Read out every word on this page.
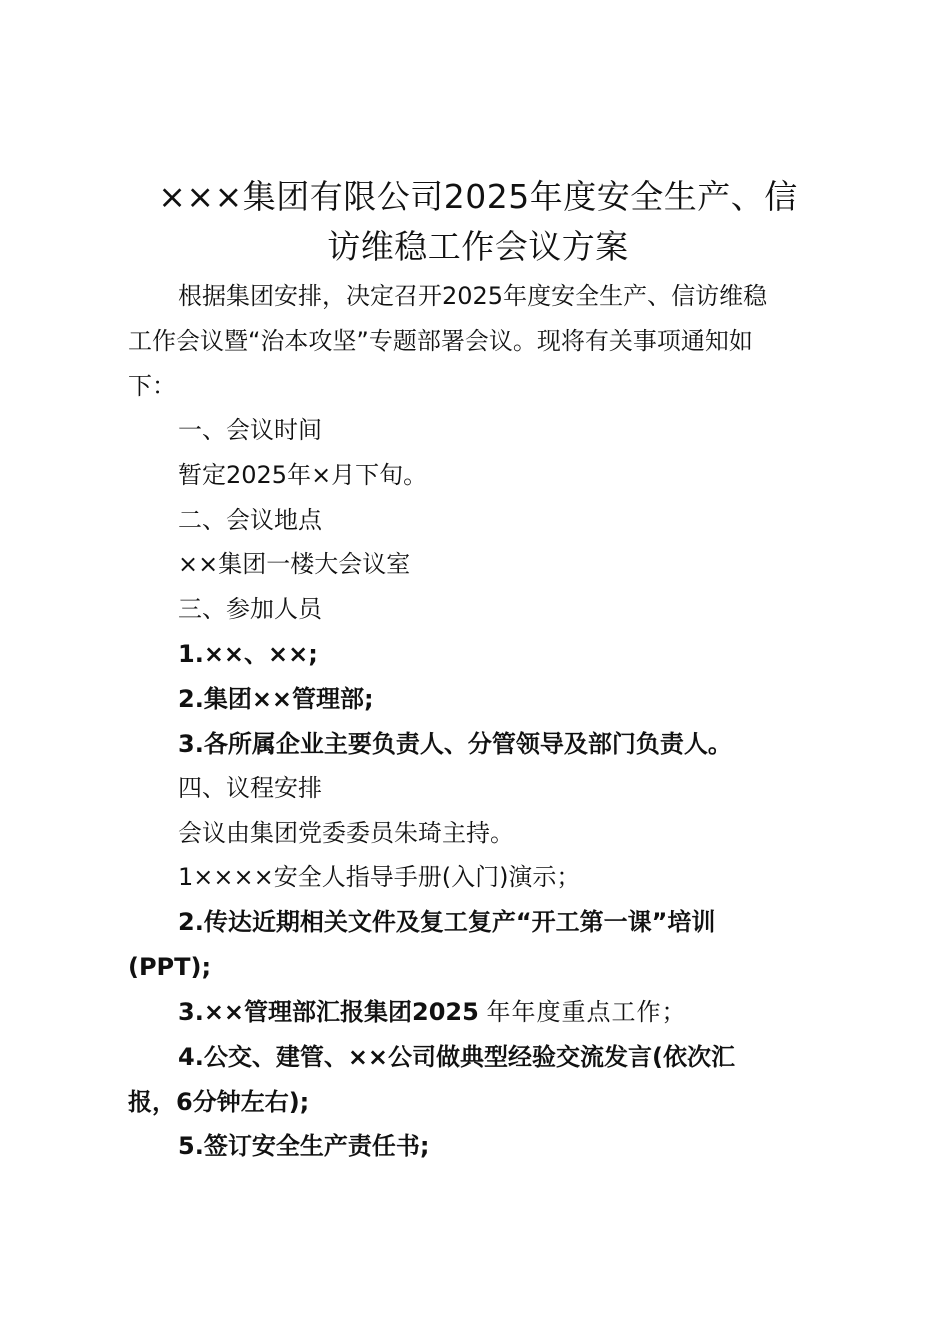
×××集团有限公司2025年度安全生产、信
访维稳工作会议方案

根据集团安排，决定召开2025年度安全生产、信访维稳

工作会议暨“治本攻坚”专题部署会议。现将有关事项通知如

下：

一、会议时间

暂定2025年×月下旬。

二、会议地点

××集团一楼大会议室

三、参加人员

1.××、××;

2.集团××管理部;

3.各所属企业主要负责人、分管领导及部门负责人。

四、议程安排

会议由集团党委委员朱琦主持。

1××××安全人指导手册(入门)演示；

2.传达近期相关文件及复工复产“开工第一课”培训

(PPT);

3.××管理部汇报集团2025 年年度重点工作；

4.公交、建管、××公司做典型经验交流发言(依次汇

报，6分钟左右);

5.签订安全生产责任书;
